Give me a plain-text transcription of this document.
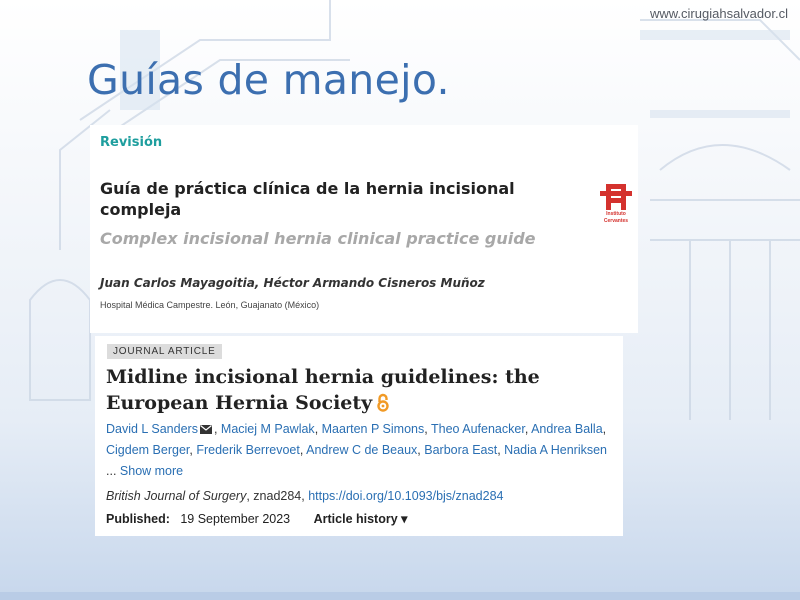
www.cirugiahsalvador.cl
Guías de manejo.
Revisión
Guía de práctica clínica de la hernia incisional compleja
Complex incisional hernia clinical practice guide
Juan Carlos Mayagoitia, Héctor Armando Cisneros Muñoz
Hospital Médica Campestre. León, Guajanato (México)
Instituto
Cervantes
JOURNAL ARTICLE
Midline incisional hernia guidelines: the European Hernia Society
David L Sanders , Maciej M Pawlak, Maarten P Simons, Theo Aufenacker, Andrea Balla,
Cigdem Berger, Frederik Berrevoet, Andrew C de Beaux, Barbora East, Nadia A Henriksen
... Show more
British Journal of Surgery, znad284, https://doi.org/10.1093/bjs/znad284
Published: 19 September 2023 Article history ▾
